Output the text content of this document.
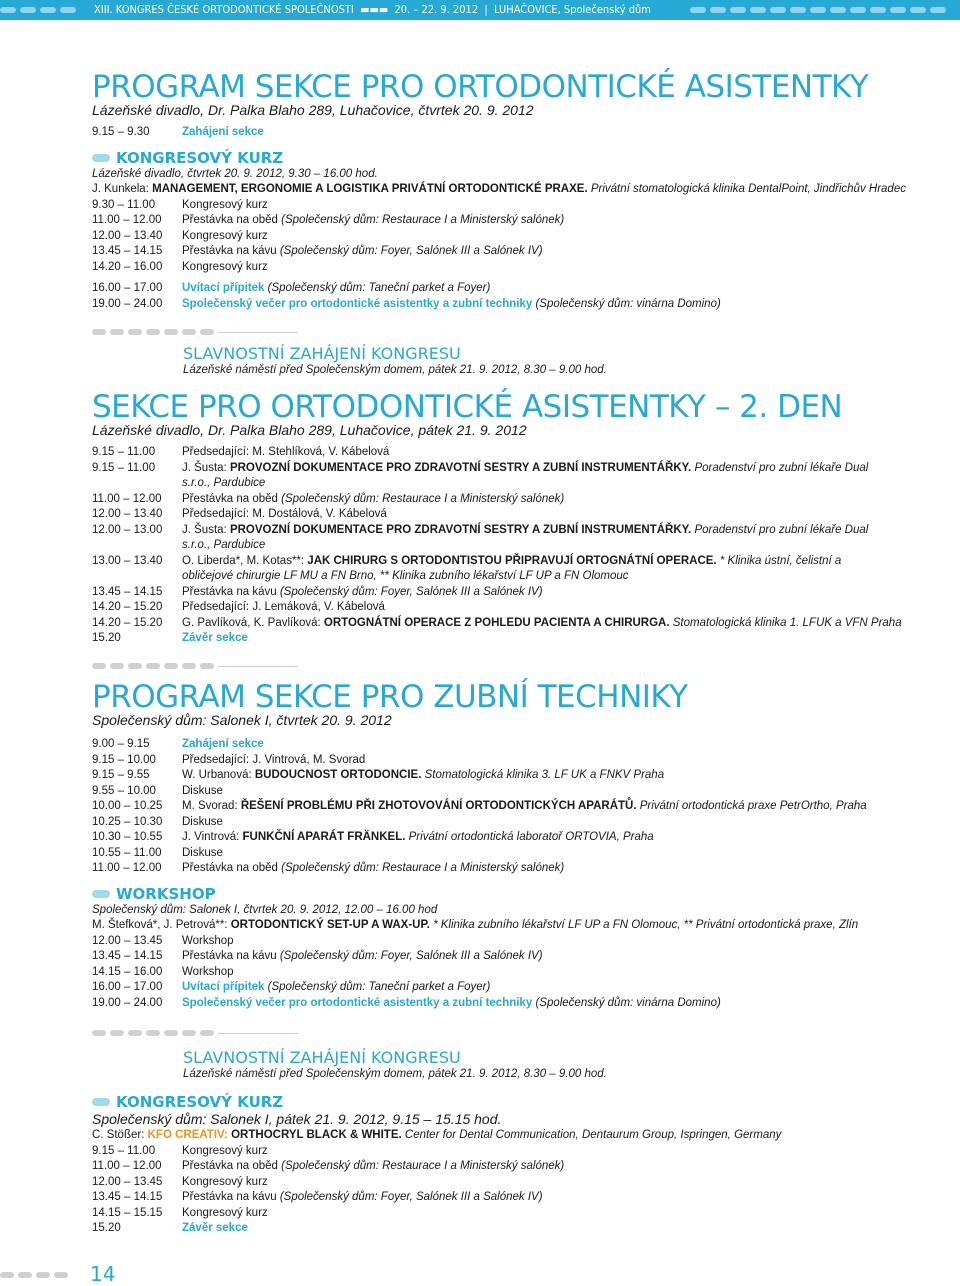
XIII. KONGRES ČESKÉ ORTODONTICKÉ SPOLEČNOSTI  ▬▬▬  20. – 22. 9. 2012  |  LUHAČOVICE, Společenský dům
PROGRAM SEKCE PRO ORTODONTICKÉ ASISTENTKY
Lázeňské divadlo, Dr. Palka Blaho 289, Luhačovice, čtvrtek 20. 9. 2012
9.15 – 9.30	Zahájení sekce
KONGRESOVÝ KURZ
Lázeňské divadlo, čtvrtek 20. 9. 2012, 9.30 – 16.00 hod.
J. Kunkela: MANAGEMENT, ERGONOMIE A LOGISTIKA PRIVÁTNÍ ORTODONTICKÉ PRAXE. Privátní stomatologická klinika DentalPoint, Jindřichův Hradec
9.30 – 11.00 Kongresový kurz
11.00 – 12.00 Přestávka na oběd (Společenský dům: Restaurace I a Ministerský salónek)
12.00 – 13.40 Kongresový kurz
13.45 – 14.15 Přestávka na kávu (Společenský dům: Foyer, Salónek III a Salónek IV)
14.20 – 16.00 Kongresový kurz
16.00 – 17.00 Uvítací přípitek (Společenský dům: Taneční parket a Foyer)
19.00 – 24.00 Společenský večer pro ortodontické asistentky a zubní techniky (Společenský dům: vinárna Domino)
SLAVNOSTNÍ ZAHÁJENÍ KONGRESU
Lázeňské náměstí před Společenským domem, pátek 21. 9. 2012, 8.30 – 9.00 hod.
SEKCE PRO ORTODONTICKÉ ASISTENTKY – 2. DEN
Lázeňské divadlo, Dr. Palka Blaho 289, Luhačovice, pátek 21. 9. 2012
9.15 – 11.00 Předsedající: M. Stehlíková, V. Kábelová
9.15 – 11.00 J. Šusta: PROVOZNÍ DOKUMENTACE PRO ZDRAVOTNÍ SESTRY A ZUBNÍ INSTRUMENTÁŘKY. Poradenství pro zubní lékaře Dual s.r.o., Pardubice
11.00 – 12.00 Přestávka na oběd (Společenský dům: Restaurace I a Ministerský salónek)
12.00 – 13.40 Předsedající: M. Dostálová, V. Kábelová
12.00 – 13.00 J. Šusta: PROVOZNÍ DOKUMENTACE PRO ZDRAVOTNÍ SESTRY A ZUBNÍ INSTRUMENTÁŘKY. Poradenství pro zubní lékaře Dual s.r.o., Pardubice
13.00 – 13.40 O. Liberda*, M. Kotas**: JAK CHIRURG S ORTODONTISTOU PŘIPRAVUJÍ ORTOGNÁTNÍ OPERACE. * Klinika ústní, čelistní a obličejové chirurgie LF MU a FN Brno, ** Klinika zubního lékařství LF UP a FN Olomouc
13.45 – 14.15 Přestávka na kávu (Společenský dům: Foyer, Salónek III a Salónek IV)
14.20 – 15.20 Předsedající: J. Lemáková, V. Kábelová
14.20 – 15.20 G. Pavlíková, K. Pavlíková: ORTOGNÁTNÍ OPERACE Z POHLEDU PACIENTA A CHIRURGA. Stomatologická klinika 1. LFUK a VFN Praha
15.20	Závěr sekce
PROGRAM SEKCE PRO ZUBNÍ TECHNIKY
Společenský dům: Salonek I, čtvrtek 20. 9. 2012
9.00 – 9.15	Zahájení sekce
9.15 – 10.00 Předsedající: J. Vintrová, M. Svorad
9.15 – 9.55	W. Urbanová: BUDOUCNOST ORTODONCIE. Stomatologická klinika 3. LF UK a FNKV Praha
9.55 – 10.00 Diskuse
10.00 – 10.25 M. Svorad: ŘEŠENÍ PROBLÉMU PŘI ZHOTOVOVÁNÍ ORTODONTICKÝCH APARÁTŮ. Privátní ortodontická praxe PetrOrtho, Praha
10.25 – 10.30 Diskuse
10.30 – 10.55 J. Vintrová: FUNKČNÍ APARÁT FRÄNKEL. Privátní ortodontická laboratoř ORTOVIA, Praha
10.55 – 11.00 Diskuse
11.00 – 12.00 Přestávka na oběd (Společenský dům: Restaurace I a Ministerský salónek)
WORKSHOP
Společenský dům: Salonek I, čtvrtek 20. 9. 2012, 12.00 – 16.00 hod
M. Štefková*, J. Petrová**: ORTODONTICKÝ SET-UP A WAX-UP. * Klinika zubního lékařství LF UP a FN Olomouc, ** Privátní ortodontická praxe, Zlín
12.00 – 13.45 Workshop
13.45 – 14.15 Přestávka na kávu (Společenský dům: Foyer, Salónek III a Salónek IV)
14.15 – 16.00 Workshop
16.00 – 17.00 Uvítací přípitek (Společenský dům: Taneční parket a Foyer)
19.00 – 24.00 Společenský večer pro ortodontické asistentky a zubní techniky (Společenský dům: vinárna Domino)
SLAVNOSTNÍ ZAHÁJENÍ KONGRESU
Lázeňské náměstí před Společenským domem, pátek 21. 9. 2012, 8.30 – 9.00 hod.
KONGRESOVÝ KURZ
Společenský dům: Salonek I, pátek 21. 9. 2012, 9.15 – 15.15 hod.
C. Stößer: KFO CREATIV: ORTHOCRYL BLACK & WHITE. Center for Dental Communication, Dentaurum Group, Ispringen, Germany
9.15 – 11.00 Kongresový kurz
11.00 – 12.00 Přestávka na oběd (Společenský dům: Restaurace I a Ministerský salónek)
12.00 – 13.45 Kongresový kurz
13.45 – 14.15 Přestávka na kávu (Společenský dům: Foyer, Salónek III a Salónek IV)
14.15 – 15.15 Kongresový kurz
15.20	Závěr sekce
14
